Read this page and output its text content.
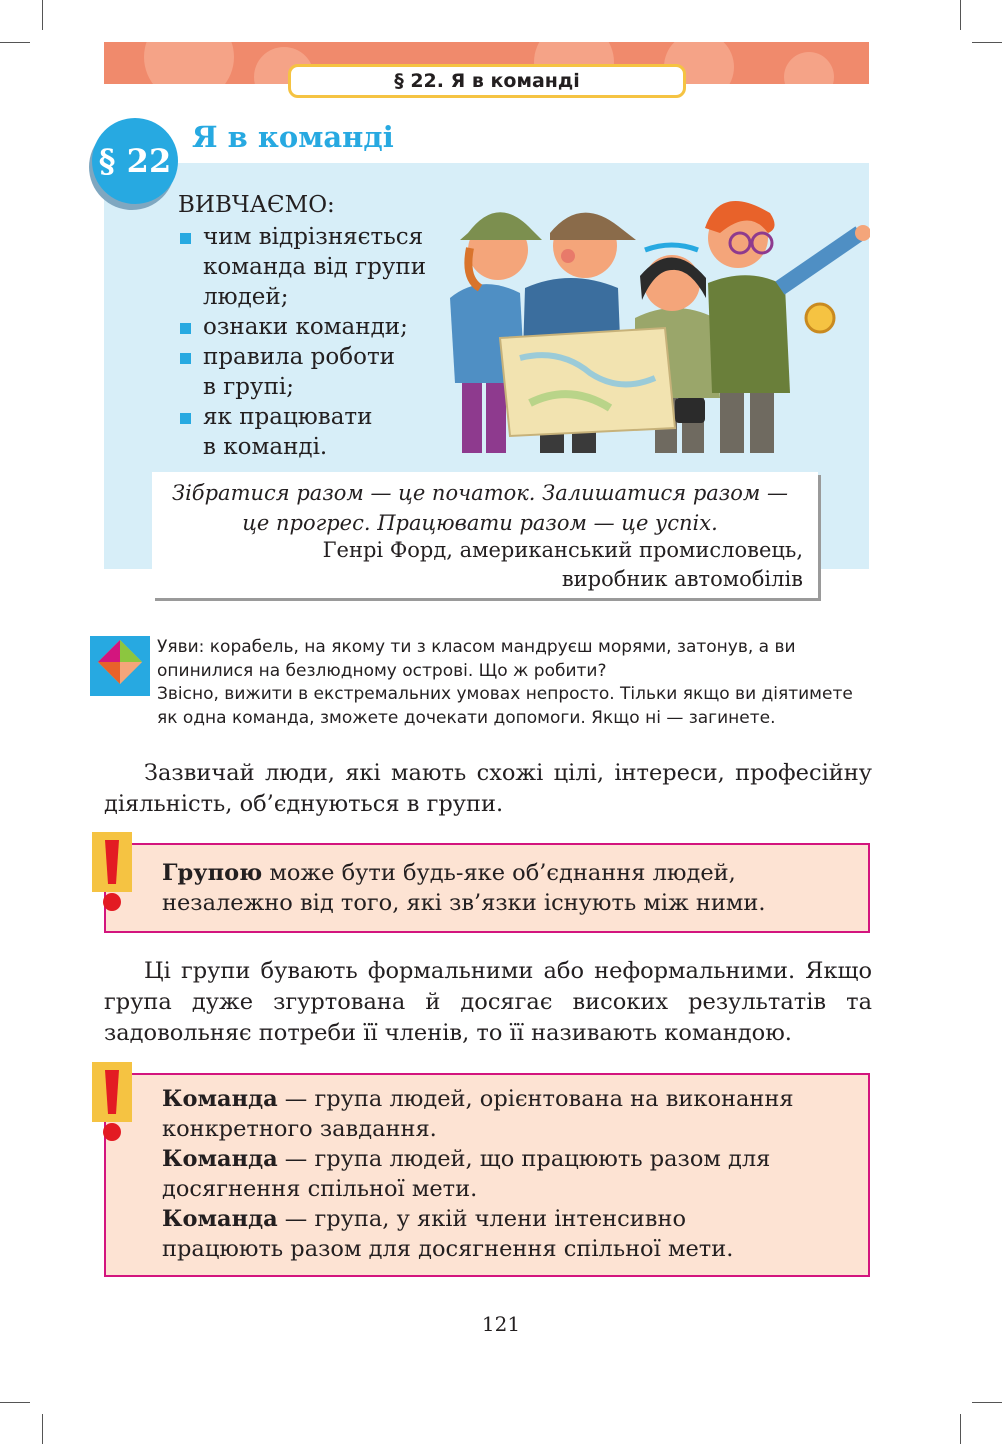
§ 22. Я в команді
§ 22
Я в команді
ВИВЧАЄМО:
чим відрізняється
команда від групи
людей;
ознаки команди;
правила роботи
в групі;
як працювати
в команді.
Зібратися разом — це початок. Залишатися разом —
це прогрес. Працювати разом — це успіх.
Генрі Форд, американський промисловець,
виробник автомобілів

Уяви: корабель, на якому ти з класом мандруєш морями, затонув, а ви опинилися на безлюдному острові. Що ж робити?

Звісно, вижити в екстремальних умовах непросто. Тільки якщо ви діятимете як одна команда, зможете дочекати допомоги. Якщо ні — загинете.

Зазвичай люди, які мають схожі цілі, інтереси, професійну діяльність, об’єднуються в групи.

Групою може бути будь-яке об’єднання людей, незалежно від того, які зв’язки існують між ними.

Ці групи бувають формальними або неформальними. Якщо група дуже згуртована й досягає високих результатів та задовольняє потреби її членів, то її називають командою.

Команда — група людей, орієнтована на виконання конкретного завдання.

Команда — група людей, що працюють разом для досягнення спільної мети.

Команда — група, у якій члени інтенсивно працюють разом для досягнення спільної мети.

121
